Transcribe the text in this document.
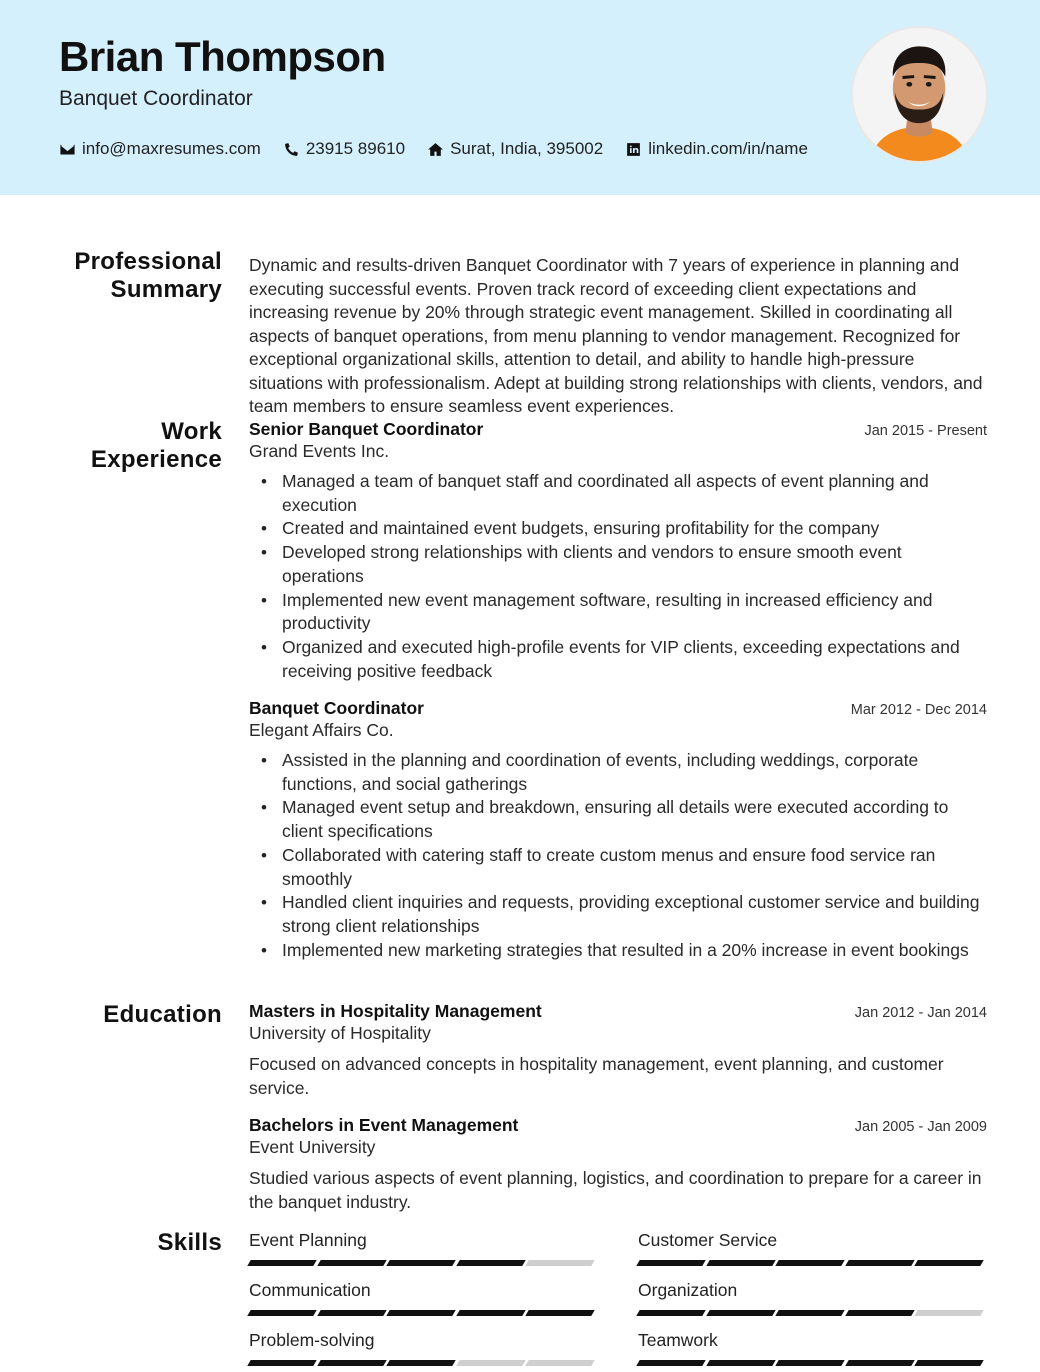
Brian Thompson
Banquet Coordinator
info@maxresumes.com	23915 89610	Surat, India, 395002	linkedin.com/in/name
Professional
Summary
Dynamic and results-driven Banquet Coordinator with 7 years of experience in planning and executing successful events. Proven track record of exceeding client expectations and increasing revenue by 20% through strategic event management. Skilled in coordinating all aspects of banquet operations, from menu planning to vendor management. Recognized for exceptional organizational skills, attention to detail, and ability to handle high-pressure situations with professionalism. Adept at building strong relationships with clients, vendors, and team members to ensure seamless event experiences.
Work
Experience
Senior Banquet Coordinator	Jan 2015 - Present
Grand Events Inc.
• Managed a team of banquet staff and coordinated all aspects of event planning and execution
• Created and maintained event budgets, ensuring profitability for the company
• Developed strong relationships with clients and vendors to ensure smooth event operations
• Implemented new event management software, resulting in increased efficiency and productivity
• Organized and executed high-profile events for VIP clients, exceeding expectations and receiving positive feedback
Banquet Coordinator	Mar 2012 - Dec 2014
Elegant Affairs Co.
• Assisted in the planning and coordination of events, including weddings, corporate functions, and social gatherings
• Managed event setup and breakdown, ensuring all details were executed according to client specifications
• Collaborated with catering staff to create custom menus and ensure food service ran smoothly
• Handled client inquiries and requests, providing exceptional customer service and building strong client relationships
• Implemented new marketing strategies that resulted in a 20% increase in event bookings
Education Masters in Hospitality Management	Jan 2012 - Jan 2014
University of Hospitality
Focused on advanced concepts in hospitality management, event planning, and customer service.
Bachelors in Event Management	Jan 2005 - Jan 2009
Event University
Studied various aspects of event planning, logistics, and coordination to prepare for a career in the banquet industry.
Skills Event Planning	Customer Service
Communication	Organization
Problem-solving	Teamwork
